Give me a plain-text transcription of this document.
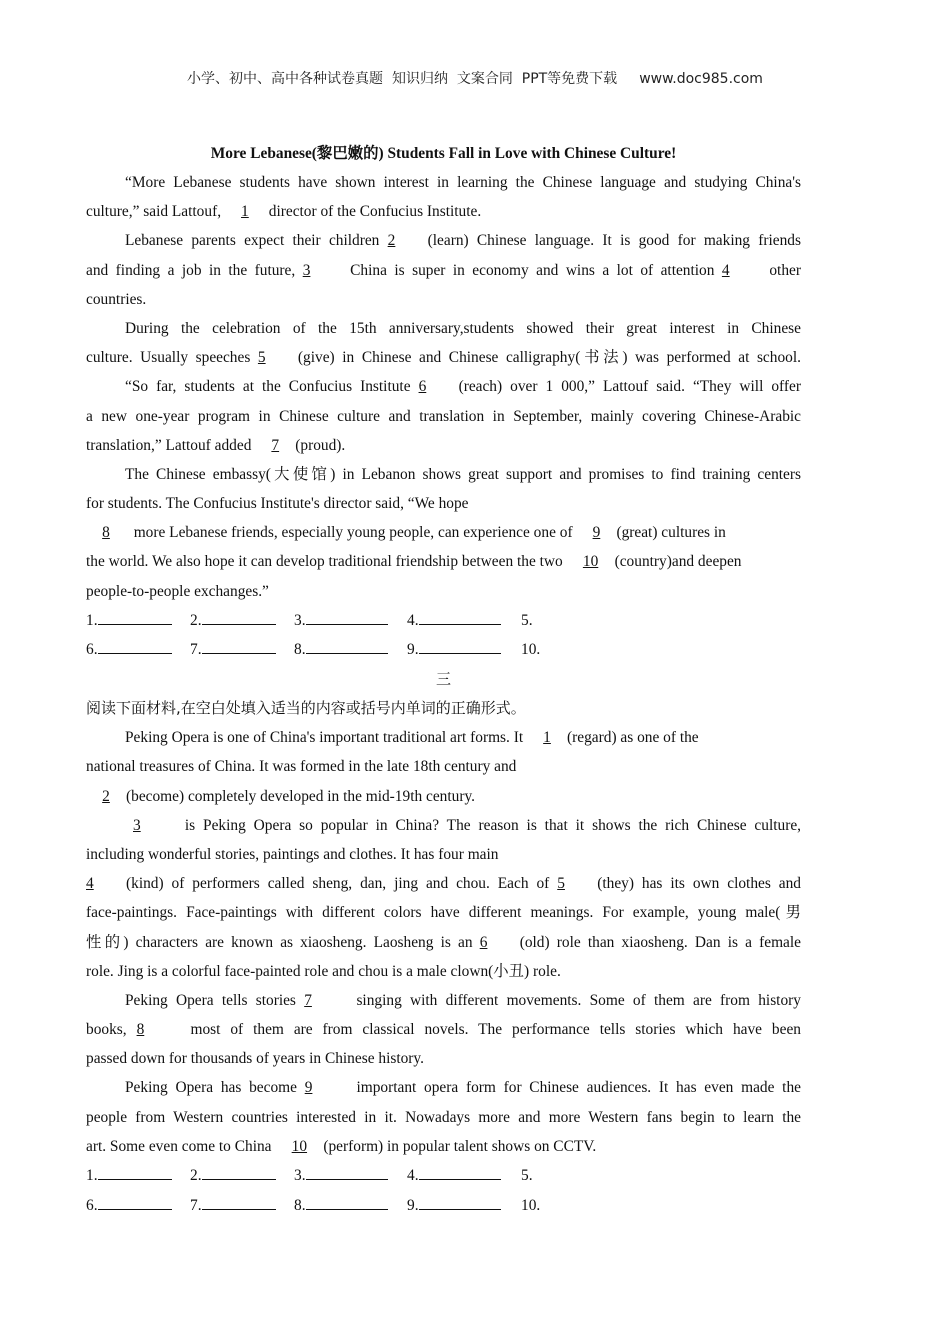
小学、初中、高中各种试卷真题  知识归纳  文案合同  PPT等免费下载 www.doc985.com
More Lebanese(黎巴嫩的) Students Fall in Love with Chinese Culture!
“More Lebanese students have shown interest in learning the Chinese language and studying China's
culture,” said Lattouf, 1 director of the Confucius Institute.
Lebanese parents expect their children 2 (learn) Chinese language. It is good for making friends
and finding a job in the future, 3	China is super in economy and wins a lot of attention 4	other
countries.
During the celebration of the 15th anniversary,students showed their great interest in Chinese
culture. Usually speeches 5 (give) in Chinese and Chinese calligraphy(书法) was performed at school.
“So far, students at the Confucius Institute 6 (reach) over 1 000,” Lattouf said. “They will offer
a new one-year program in Chinese culture and translation in September, mainly covering Chinese-Arabic
translation,” Lattouf added 7 (proud).
The Chinese embassy(大使馆) in Lebanon shows great support and promises to find training centers
for students. The Confucius Institute's director said, “We hope
8 more Lebanese friends, especially young people, can experience one of 9 (great) cultures in
the world. We also hope it can develop traditional friendship between the two 10 (country)and deepen
people-to-people exchanges.”
1.	2.	3.	4.	5.
6.	7.	8.	9.	10.
三
阅读下面材料,在空白处填入适当的内容或括号内单词的正确形式。
Peking Opera is one of China's important traditional art forms. It 1 (regard) as one of the
national treasures of China. It was formed in the late 18th century and
2 (become) completely developed in the mid-19th century.
3	is Peking Opera so popular in China? The reason is that it shows the rich Chinese culture,
including wonderful stories, paintings and clothes. It has four main
4 (kind) of performers called sheng, dan, jing and chou. Each of 5 (they) has its own clothes and
face-paintings. Face-paintings with different colors have different meanings. For example, young male(男
性的) characters are known as xiaosheng. Laosheng is an 6 (old) role than xiaosheng. Dan is a female
role. Jing is a colorful face-painted role and chou is a male clown(小丑) role.
Peking Opera tells stories 7	singing with different movements. Some of them are from history
books, 8	most of them are from classical novels. The performance tells stories which have been
passed down for thousands of years in Chinese history.
Peking Opera has become 9	important opera form for Chinese audiences. It has even made the
people from Western countries interested in it. Nowadays more and more Western fans begin to learn the
art. Some even come to China 10 (perform) in popular talent shows on CCTV.
1.	2.	3.	4.	5.
6.	7.	8.	9.	10.
